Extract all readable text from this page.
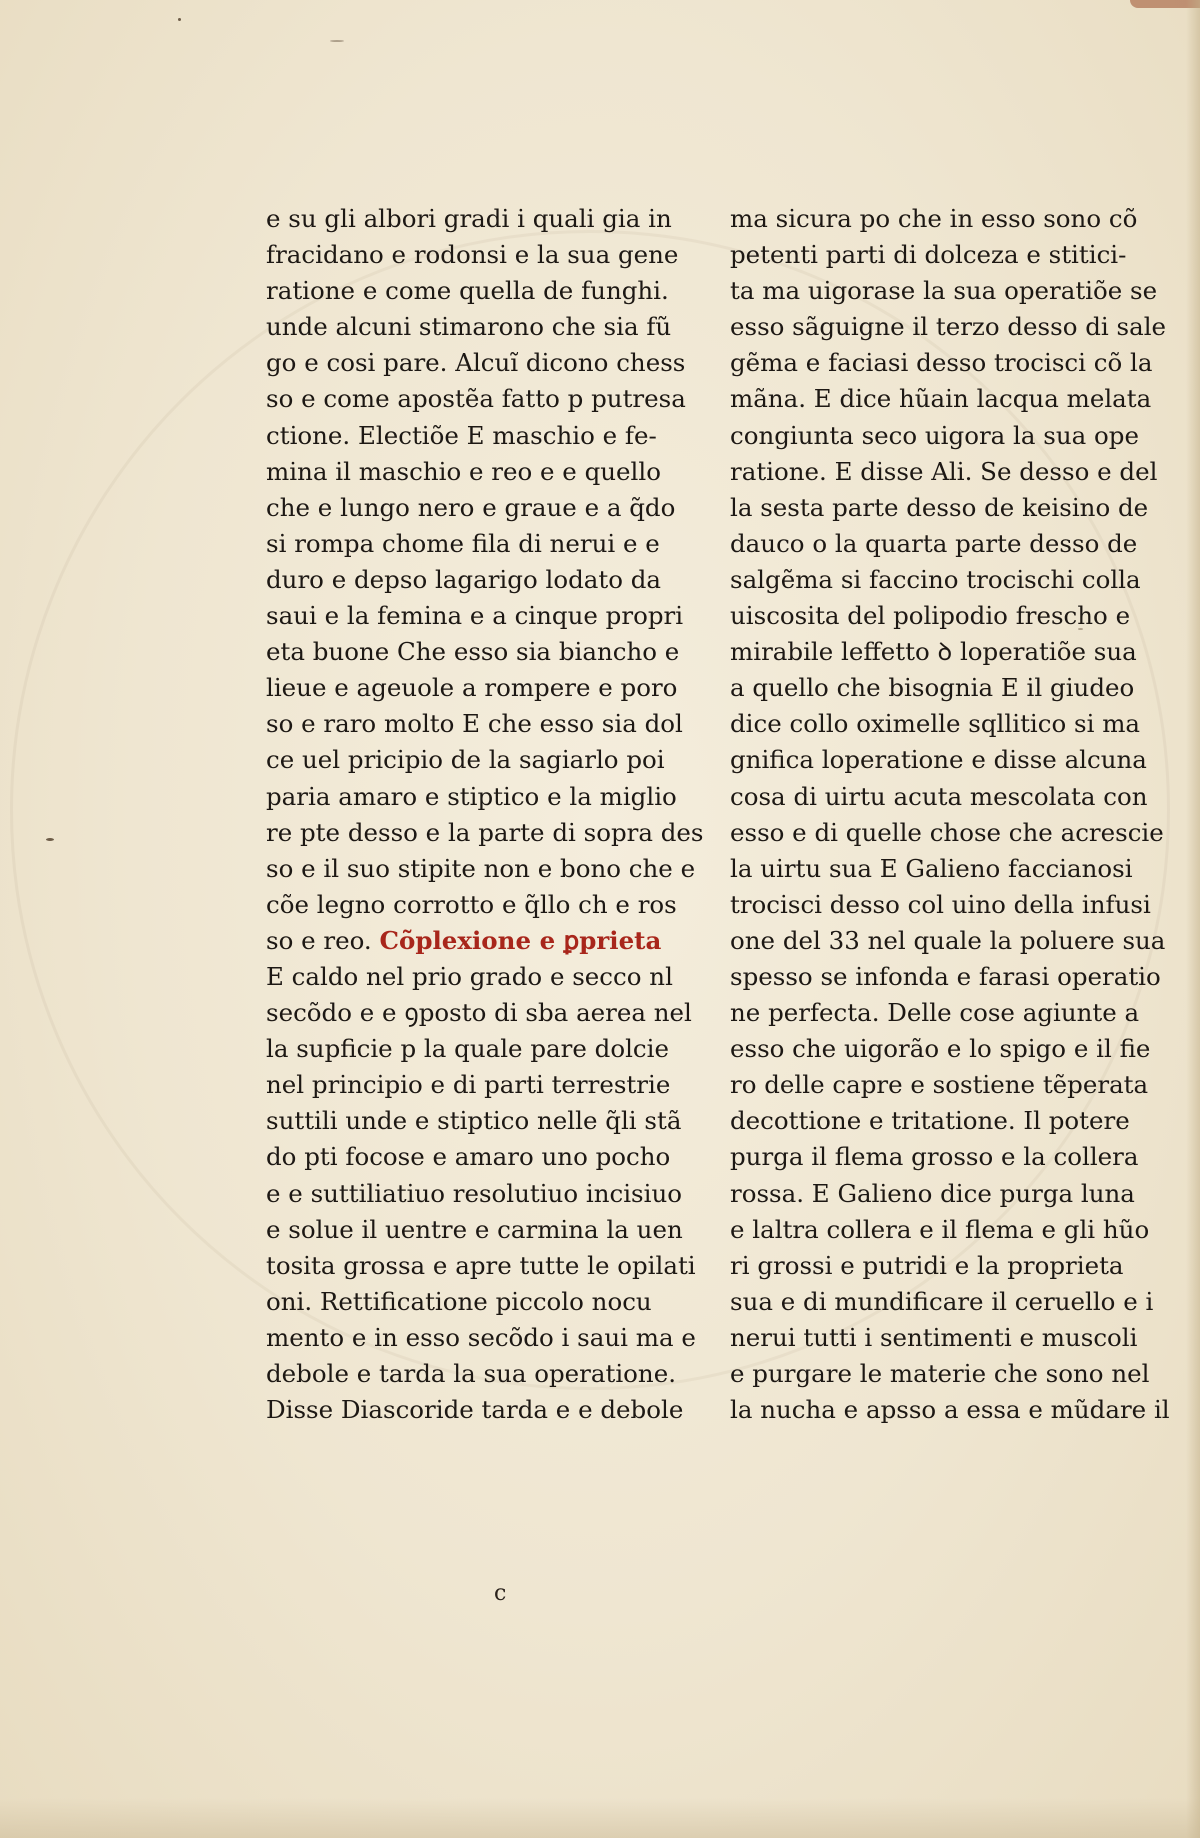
e su gli albori gradi i quali gia in
fracidano e rodonsi e la sua gene
ratione e come quella de funghi.
unde alcuni stimarono che sia fũ
go e cosi pare. Alcuĩ dicono chess
so e come apostẽa fatto p putresa
ctione. Electiõe E maschio e fe-
mina il maschio e reo e e quello
che e lungo nero e graue e a q̃do
si rompa chome fila di nerui e e
duro e depso lagarigo lodato da
saui e la femina e a cinque propri
eta buone Che esso sia biancho e
lieue e ageuole a rompere e poro
so e raro molto E che esso sia dol
ce uel pricipio de la sagiarlo poi
paria amaro e stiptico e la miglio
re pte desso e la parte di sopra des
so e il suo stipite non e bono che e
cõe legno corrotto e q̃llo ch e ros
so e reo. Cõplexione e ꝑprieta
E caldo nel prio grado e secco nl
secõdo e e ꝯposto di sba aerea nel
la supficie p la quale pare dolcie
nel principio e di parti terrestrie
suttili unde e stiptico nelle q̃li stã
do pti focose e amaro uno pocho
e e suttiliatiuo resolutiuo incisiuo
e solue il uentre e carmina la uen
tosita grossa e apre tutte le opilati
oni. Rettificatione piccolo nocu
mento e in esso secõdo i saui ma e
debole e tarda la sua operatione.
Disse Diascoride tarda e e debole
ma sicura po che in esso sono cõ
petenti parti di dolceza e stitici-
ta ma uigorase la sua operatiõe se
esso sãguigne il terzo desso di sale
gẽma e faciasi desso trocisci cõ la
mãna. E dice hũain lacqua melata
congiunta seco uigora la sua ope
ratione. E disse Ali. Se desso e del
la sesta parte desso de keisino de
dauco o la quarta parte desso de
salgẽma si faccino trocischi colla
uiscosita del polipodio frescho e
mirabile leffetto ꝺ loperatiõe sua
a quello che bisognia E il giudeo
dice collo oximelle sqllitico si ma
gnifica loperatione e disse alcuna
cosa di uirtu acuta mescolata con
esso e di quelle chose che acrescie
la uirtu sua E Galieno faccianosi
trocisci desso col uino della infusi
one del 33 nel quale la poluere sua
spesso se infonda e farasi operatio
ne perfecta. Delle cose agiunte a
esso che uigorão e lo spigo e il fie
ro delle capre e sostiene tẽperata
decottione e tritatione. Il potere
purga il flema grosso e la collera
rossa. E Galieno dice purga luna
e laltra collera e il flema e gli hũo
ri grossi e putridi e la proprieta
sua e di mundificare il ceruello e i
nerui tutti i sentimenti e muscoli
e purgare le materie che sono nel
la nucha e apsso a essa e mũdare il
c
